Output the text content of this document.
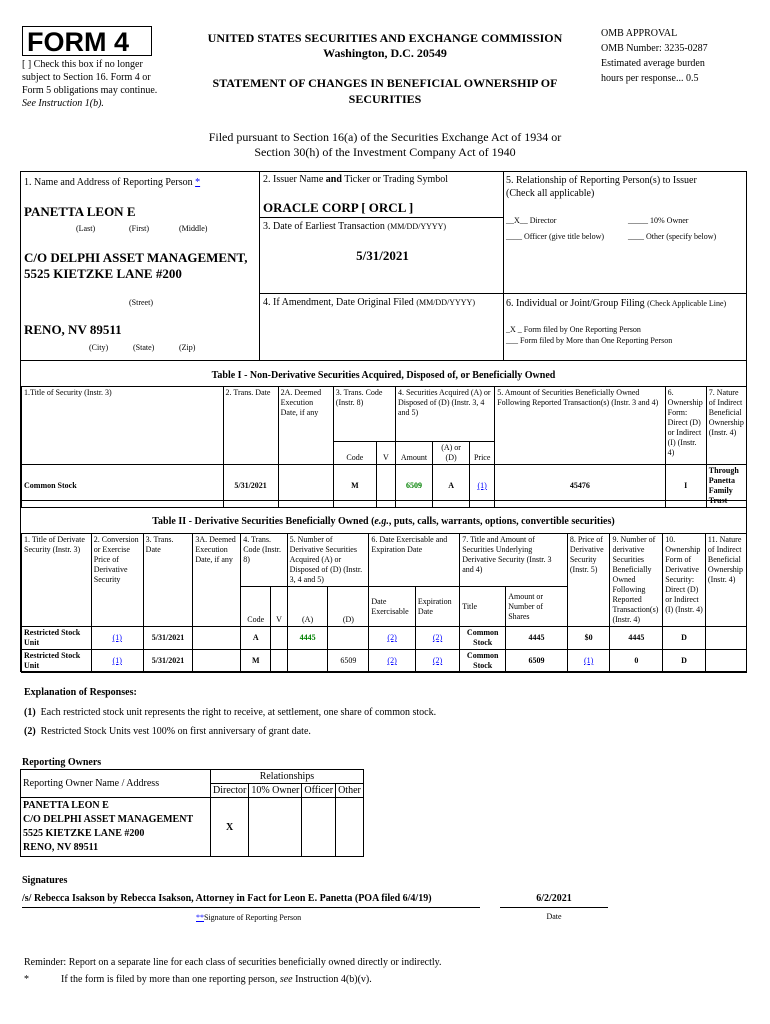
FORM 4
[ ] Check this box if no longer subject to Section 16. Form 4 or Form 5 obligations may continue. See Instruction 1(b).
UNITED STATES SECURITIES AND EXCHANGE COMMISSION
Washington, D.C. 20549
STATEMENT OF CHANGES IN BENEFICIAL OWNERSHIP OF SECURITIES
OMB APPROVAL
OMB Number: 3235-0287
Estimated average burden
hours per response... 0.5
Filed pursuant to Section 16(a) of the Securities Exchange Act of 1934 or
Section 30(h) of the Investment Company Act of 1940
1. Name and Address of Reporting Person *
PANETTA LEON E
(Last)	(First)	(Middle)
C/O DELPHI ASSET MANAGEMENT, 5525 KIETZKE LANE #200
(Street)
RENO, NV 89511
(City)	(State)	(Zip)
2. Issuer Name and Ticker or Trading Symbol
ORACLE CORP [ ORCL ]
3. Date of Earliest Transaction (MM/DD/YYYY)
5/31/2021
4. If Amendment, Date Original Filed (MM/DD/YYYY)
5. Relationship of Reporting Person(s) to Issuer
(Check all applicable)
__X__ Director	_____ 10% Owner
____ Officer (give title below)	____ Other (specify below)
6. Individual or Joint/Group Filing (Check Applicable Line)
_X _ Form filed by One Reporting Person
___ Form filed by More than One Reporting Person
Table I - Non-Derivative Securities Acquired, Disposed of, or Beneficially Owned
1.Title of Security (Instr. 3)	2. Trans. Date	2A. Deemed Execution Date, if any	3. Trans. Code (Instr. 8)		4. Securities Acquired (A) or Disposed of (D) (Instr. 3, 4 and 5)			5. Amount of Securities Beneficially Owned Following Reported Transaction(s) (Instr. 3 and 4)	6. Ownership Form: Direct (D) or Indirect (I) (Instr. 4)	7. Nature of Indirect Beneficial Ownership (Instr. 4)
			Code	V	Amount	(A) or (D)	Price			
Common Stock	5/31/2021		M		6509	A	(1)	45476	I	Through Panetta Family Trust
Table II - Derivative Securities Beneficially Owned (e.g., puts, calls, warrants, options, convertible securities)
1. Title of Derivate Security (Instr. 3)	2. Conversion or Exercise Price of Derivative Security	3. Trans. Date	3A. Deemed Execution Date, if any	4. Trans. Code (Instr. 8)		5. Number of Derivative Securities Acquired (A) or Disposed of (D) (Instr. 3, 4 and 5)		6. Date Exercisable and Expiration Date		7. Title and Amount of Securities Underlying Derivative Security (Instr. 3 and 4)		8. Price of Derivative Security (Instr. 5)	9. Number of derivative Securities Beneficially Owned Following Reported Transaction(s) (Instr. 4)	10. Ownership Form of Derivative Security: Direct (D) or Indirect (I) (Instr. 4)	11. Nature of Indirect Beneficial Ownership (Instr. 4)
				Code	V	(A)	(D)	Date Exercisable	Expiration Date	Title	Amount or Number of Shares				
Restricted Stock Unit	(1)	5/31/2021		A		4445		(2)	(2)	Common Stock	4445	$0	4445	D	
Restricted Stock Unit	(1)	5/31/2021		M			6509	(2)	(2)	Common Stock	6509	(1)	0	D	
Explanation of Responses:
(1) Each restricted stock unit represents the right to receive, at settlement, one share of common stock.
(2) Restricted Stock Units vest 100% on first anniversary of grant date.
Reporting Owners
Reporting Owner Name / Address	Relationships			
	Director	10% Owner	Officer	Other

PANETTA LEON E
C/O DELPHI ASSET MANAGEMENT
5525 KIETZKE LANE #200
RENO, NV 89511	X			
Signatures
/s/ Rebecca Isakson by Rebecca Isakson, Attorney in Fact for Leon E. Panetta (POA filed 6/4/19)	6/2/2021
**Signature of Reporting Person	Date
Reminder: Report on a separate line for each class of securities beneficially owned directly or indirectly.
*	If the form is filed by more than one reporting person, see Instruction 4(b)(v).
